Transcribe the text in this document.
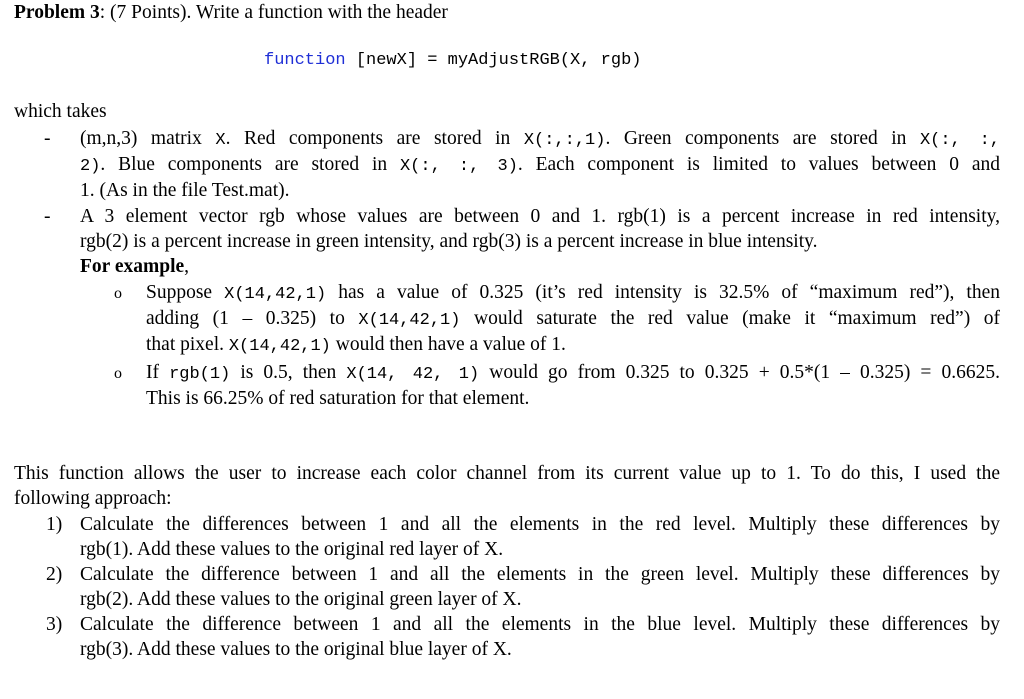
Problem 3: (7 Points). Write a function with the header
function [newX] = myAdjustRGB(X, rgb)
which takes
- (m,n,3) matrix X. Red components are stored in X(:,:,1). Green components are stored in X(:, :,
2). Blue components are stored in X(:, :, 3). Each component is limited to values between 0 and
1. (As in the file Test.mat).
- A 3 element vector rgb whose values are between 0 and 1. rgb(1) is a percent increase in red intensity,
rgb(2) is a percent increase in green intensity, and rgb(3) is a percent increase in blue intensity.
For example,
o Suppose X(14,42,1) has a value of 0.325 (it’s red intensity is 32.5% of “maximum red”), then
adding (1 – 0.325) to X(14,42,1) would saturate the red value (make it “maximum red”) of
that pixel. X(14,42,1) would then have a value of 1.
o If rgb(1) is 0.5, then X(14, 42, 1) would go from 0.325 to 0.325 + 0.5*(1 – 0.325) = 0.6625.
This is 66.25% of red saturation for that element.
This function allows the user to increase each color channel from its current value up to 1. To do this, I used the
following approach:
1) Calculate the differences between 1 and all the elements in the red level. Multiply these differences by
rgb(1). Add these values to the original red layer of X.
2) Calculate the difference between 1 and all the elements in the green level. Multiply these differences by
rgb(2). Add these values to the original green layer of X.
3) Calculate the difference between 1 and all the elements in the blue level. Multiply these differences by
rgb(3). Add these values to the original blue layer of X.
